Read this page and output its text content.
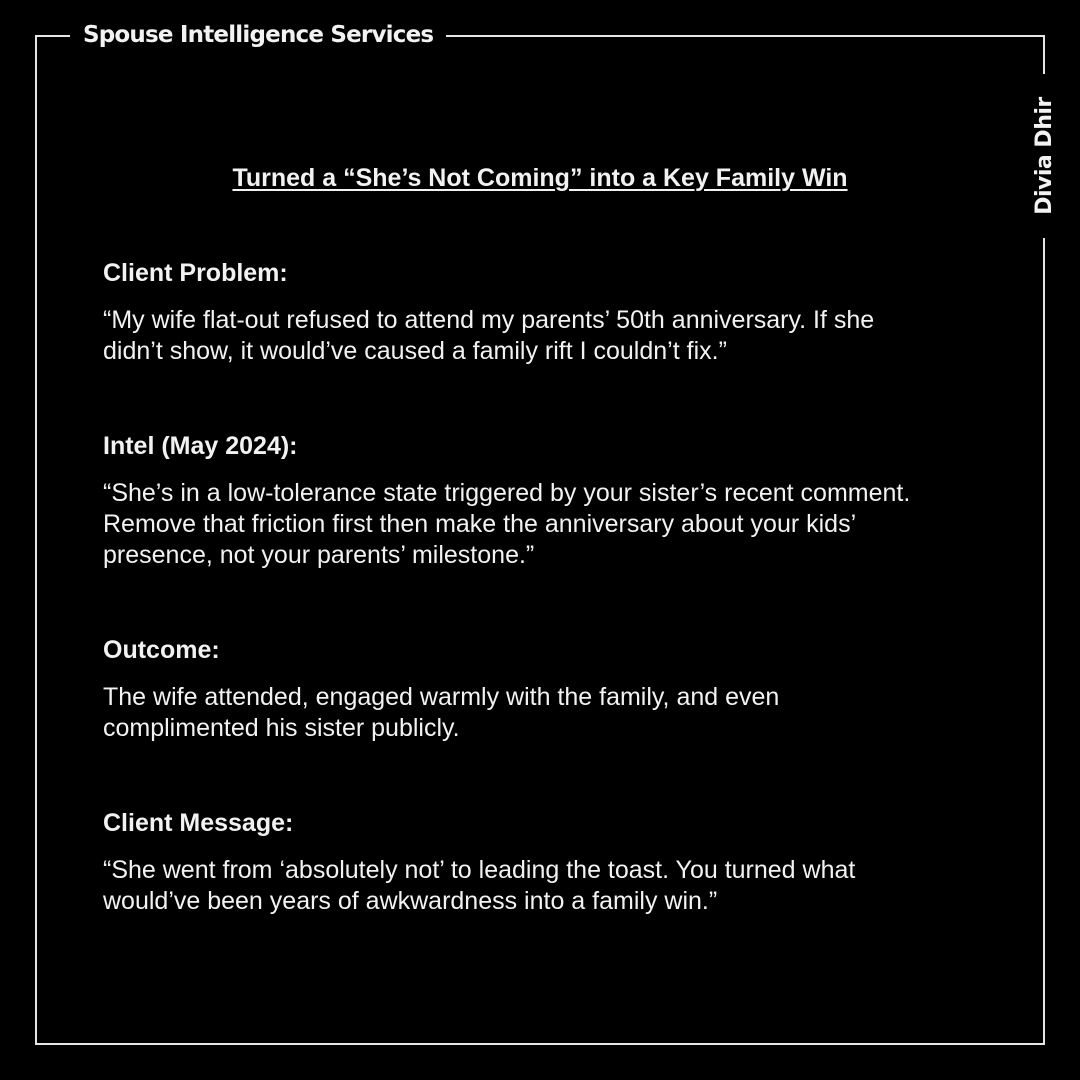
Spouse Intelligence Services
Divia Dhir
Turned a “She’s Not Coming” into a Key Family Win
Client Problem:

“My wife flat-out refused to attend my parents’ 50th anniversary. If she
didn’t show, it would’ve caused a family rift I couldn’t fix.”

Intel (May 2024):

“She’s in a low-tolerance state triggered by your sister’s recent comment.
Remove that friction first then make the anniversary about your kids’
presence, not your parents’ milestone.”

Outcome:

The wife attended, engaged warmly with the family, and even
complimented his sister publicly.

Client Message:

“She went from ‘absolutely not’ to leading the toast. You turned what
would’ve been years of awkwardness into a family win.”
